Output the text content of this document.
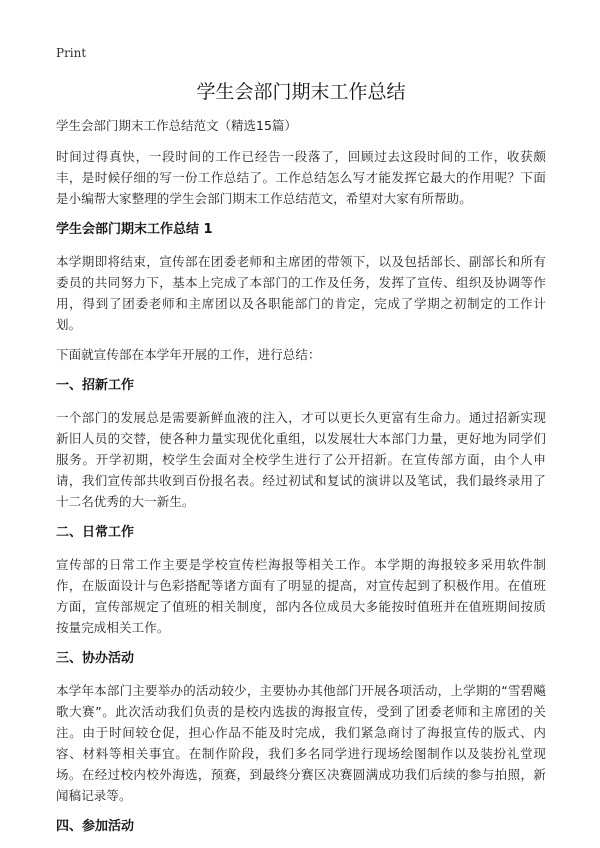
Print
学生会部门期末工作总结
学生会部门期末工作总结范文（精选15篇）
时间过得真快，一段时间的工作已经告一段落了，回顾过去这段时间的工作，收获颇丰，是时候仔细的写一份工作总结了。工作总结怎么写才能发挥它最大的作用呢？下面是小编帮大家整理的学生会部门期末工作总结范文，希望对大家有所帮助。
学生会部门期末工作总结 1
本学期即将结束，宣传部在团委老师和主席团的带领下，以及包括部长、副部长和所有委员的共同努力下，基本上完成了本部门的工作及任务，发挥了宣传、组织及协调等作用，得到了团委老师和主席团以及各职能部门的肯定，完成了学期之初制定的工作计划。
下面就宣传部在本学年开展的工作，进行总结：
一、招新工作
一个部门的发展总是需要新鲜血液的注入，才可以更长久更富有生命力。通过招新实现新旧人员的交替，使各种力量实现优化重组，以发展壮大本部门力量，更好地为同学们服务。开学初期，校学生会面对全校学生进行了公开招新。在宣传部方面，由个人申请，我们宣传部共收到百份报名表。经过初试和复试的演讲以及笔试，我们最终录用了十二名优秀的大一新生。
二、日常工作
宣传部的日常工作主要是学校宣传栏海报等相关工作。本学期的海报较多采用软件制作，在版面设计与色彩搭配等诸方面有了明显的提高，对宣传起到了积极作用。在值班方面，宣传部规定了值班的相关制度，部内各位成员大多能按时值班并在值班期间按质按量完成相关工作。
三、协办活动
本学年本部门主要举办的活动较少，主要协办其他部门开展各项活动，上学期的“雪碧飚歌大赛”。此次活动我们负责的是校内选拔的海报宣传，受到了团委老师和主席团的关注。由于时间较仓促，担心作品不能及时完成，我们紧急商讨了海报宣传的版式、内容、材料等相关事宜。在制作阶段，我们多名同学进行现场绘图制作以及装扮礼堂现场。在经过校内校外海选，预赛，到最终分赛区决赛圆满成功我们后续的参与拍照，新闻稿记录等。
四、参加活动
